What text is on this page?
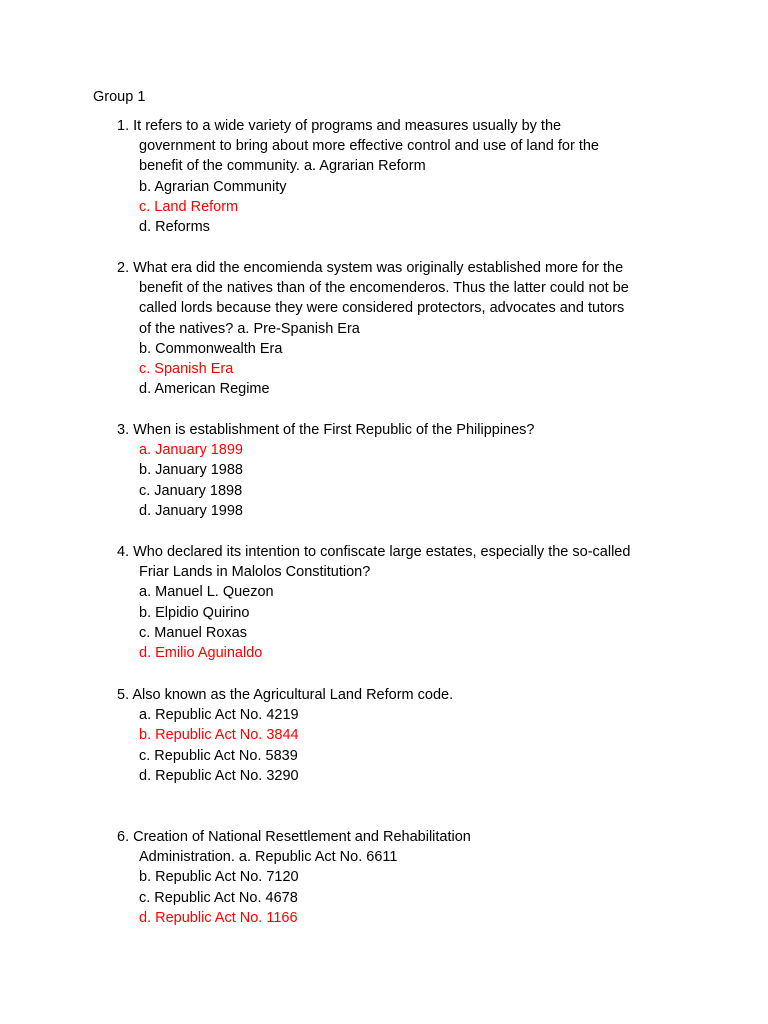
Group 1
1. It refers to a wide variety of programs and measures usually by the
government to bring about more effective control and use of land for the
benefit of the community. a. Agrarian Reform
b. Agrarian Community
c. Land Reform
d. Reforms
2. What era did the encomienda system was originally established more for the
benefit of the natives than of the encomenderos. Thus the latter could not be
called lords because they were considered protectors, advocates and tutors
of the natives? a. Pre-Spanish Era
b. Commonwealth Era
c. Spanish Era
d. American Regime
3. When is establishment of the First Republic of the Philippines?
a. January 1899
b. January 1988
c. January 1898
d. January 1998
4. Who declared its intention to confiscate large estates, especially the so-called
Friar Lands in Malolos Constitution?
a. Manuel L. Quezon
b. Elpidio Quirino
c. Manuel Roxas
d. Emilio Aguinaldo
5. Also known as the Agricultural Land Reform code.
a. Republic Act No. 4219
b. Republic Act No. 3844
c. Republic Act No. 5839
d. Republic Act No. 3290
6. Creation of National Resettlement and Rehabilitation
Administration. a. Republic Act No. 6611
b. Republic Act No. 7120
c. Republic Act No. 4678
d. Republic Act No. 1166
